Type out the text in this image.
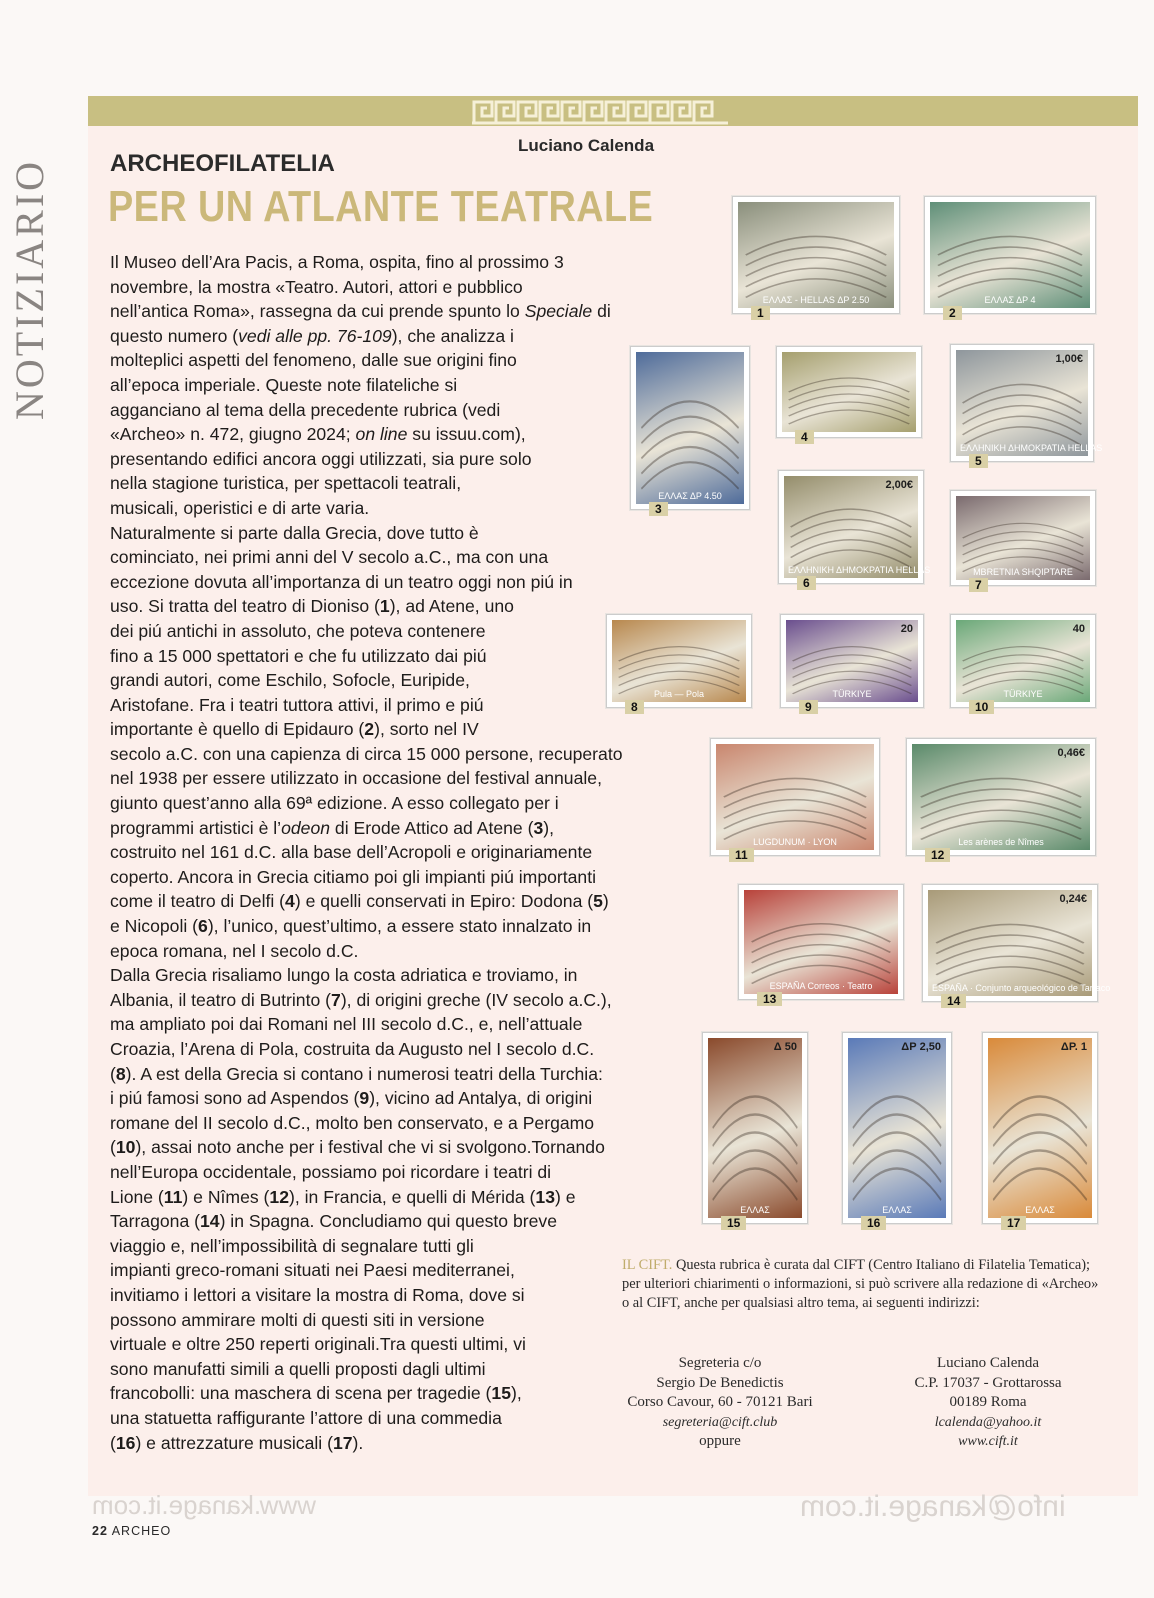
NOTIZIARIO
Luciano Calenda
ARCHEOFILATELIA
PER UN ATLANTE TEATRALE
Il Museo dell’Ara Pacis, a Roma, ospita, fino al prossimo 3
novembre, la mostra «Teatro. Autori, attori e pubblico
nell’antica Roma», rassegna da cui prende spunto lo Speciale di
questo numero (vedi alle pp. 76-109), che analizza i
molteplici aspetti del fenomeno, dalle sue origini fino
all’epoca imperiale. Queste note filateliche si
agganciano al tema della precedente rubrica (vedi
«Archeo» n. 472, giugno 2024; on line su issuu.com),
presentando edifici ancora oggi utilizzati, sia pure solo
nella stagione turistica, per spettacoli teatrali,
musicali, operistici e di arte varia.
Naturalmente si parte dalla Grecia, dove tutto è
cominciato, nei primi anni del V secolo a.C., ma con una
eccezione dovuta all’importanza di un teatro oggi non piú in
uso. Si tratta del teatro di Dioniso (1), ad Atene, uno
dei piú antichi in assoluto, che poteva contenere
fino a 15 000 spettatori e che fu utilizzato dai piú
grandi autori, come Eschilo, Sofocle, Euripide,
Aristofane. Fra i teatri tuttora attivi, il primo e piú
importante è quello di Epidauro (2), sorto nel IV
secolo a.C. con una capienza di circa 15 000 persone, recuperato
nel 1938 per essere utilizzato in occasione del festival annuale,
giunto quest’anno alla 69ª edizione. A esso collegato per i
programmi artistici è l’odeon di Erode Attico ad Atene (3),
costruito nel 161 d.C. alla base dell’Acropoli e originariamente
coperto. Ancora in Grecia citiamo poi gli impianti piú importanti
come il teatro di Delfi (4) e quelli conservati in Epiro: Dodona (5)
e Nicopoli (6), l’unico, quest’ultimo, a essere stato innalzato in
epoca romana, nel I secolo d.C.
Dalla Grecia risaliamo lungo la costa adriatica e troviamo, in
Albania, il teatro di Butrinto (7), di origini greche (IV secolo a.C.),
ma ampliato poi dai Romani nel III secolo d.C., e, nell’attuale
Croazia, l’Arena di Pola, costruita da Augusto nel I secolo d.C.
(8). A est della Grecia si contano i numerosi teatri della Turchia:
i piú famosi sono ad Aspendos (9), vicino ad Antalya, di origini
romane del II secolo d.C., molto ben conservato, e a Pergamo
(10), assai noto anche per i festival che vi si svolgono.Tornando
nell’Europa occidentale, possiamo poi ricordare i teatri di
Lione (11) e Nîmes (12), in Francia, e quelli di Mérida (13) e
Tarragona (14) in Spagna. Concludiamo qui questo breve
viaggio e, nell’impossibilità di segnalare tutti gli
impianti greco-romani situati nei Paesi mediterranei,
invitiamo i lettori a visitare la mostra di Roma, dove si
possono ammirare molti di questi siti in versione
virtuale e oltre 250 reperti originali.Tra questi ultimi, vi
sono manufatti simili a quelli proposti dagli ultimi
francobolli: una maschera di scena per tragedie (15),
una statuetta raffigurante l’attore di una commedia
(16) e attrezzature musicali (17).
ΕΛΛΑΣ - HELLAS ΔΡ 2.50
1
ΕΛΛΑΣ ΔΡ 4
2
ΕΛΛΑΣ ΔΡ 4.50
3
4
ΕΛΛΗΝΙΚΗ ΔΗΜΟΚΡΑΤΙΑ HELLAS
1,00€
5
ΕΛΛΗΝΙΚΗ ΔΗΜΟΚΡΑΤΙΑ HELLAS
2,00€
6
MBRETNIA SHQIPTARE
7
Pula — Pola
8
TÜRKIYE
20
9
TÜRKIYE
40
10
LUGDUNUM · LYON
11
Les arènes de Nîmes
0,46€
12
ESPAÑA Correos · Teatro
13
ESPAÑA · Conjunto arqueológico de Tarraco
0,24€
14
ΕΛΛΑΣ
Δ 50
15
ΕΛΛΑΣ
ΔΡ 2,50
16
ΕΛΛΑΣ
ΔΡ. 1
17
IL CIFT. Questa rubrica è curata dal CIFT (Centro Italiano di Filatelia Tematica); per ulteriori chiarimenti o informazioni, si può scrivere alla redazione di «Archeo» o al CIFT, anche per qualsiasi altro tema, ai seguenti indirizzi:
Segreteria c/o
Sergio De Benedictis
Corso Cavour, 60 - 70121 Bari
segreteria@cift.club
oppure
Luciano Calenda
C.P. 17037 - Grottarossa
00189 Roma
lcalenda@yahoo.it
www.cift.it
www.kanage.it.com	info@kanage.it.com
22 ARCHEO
